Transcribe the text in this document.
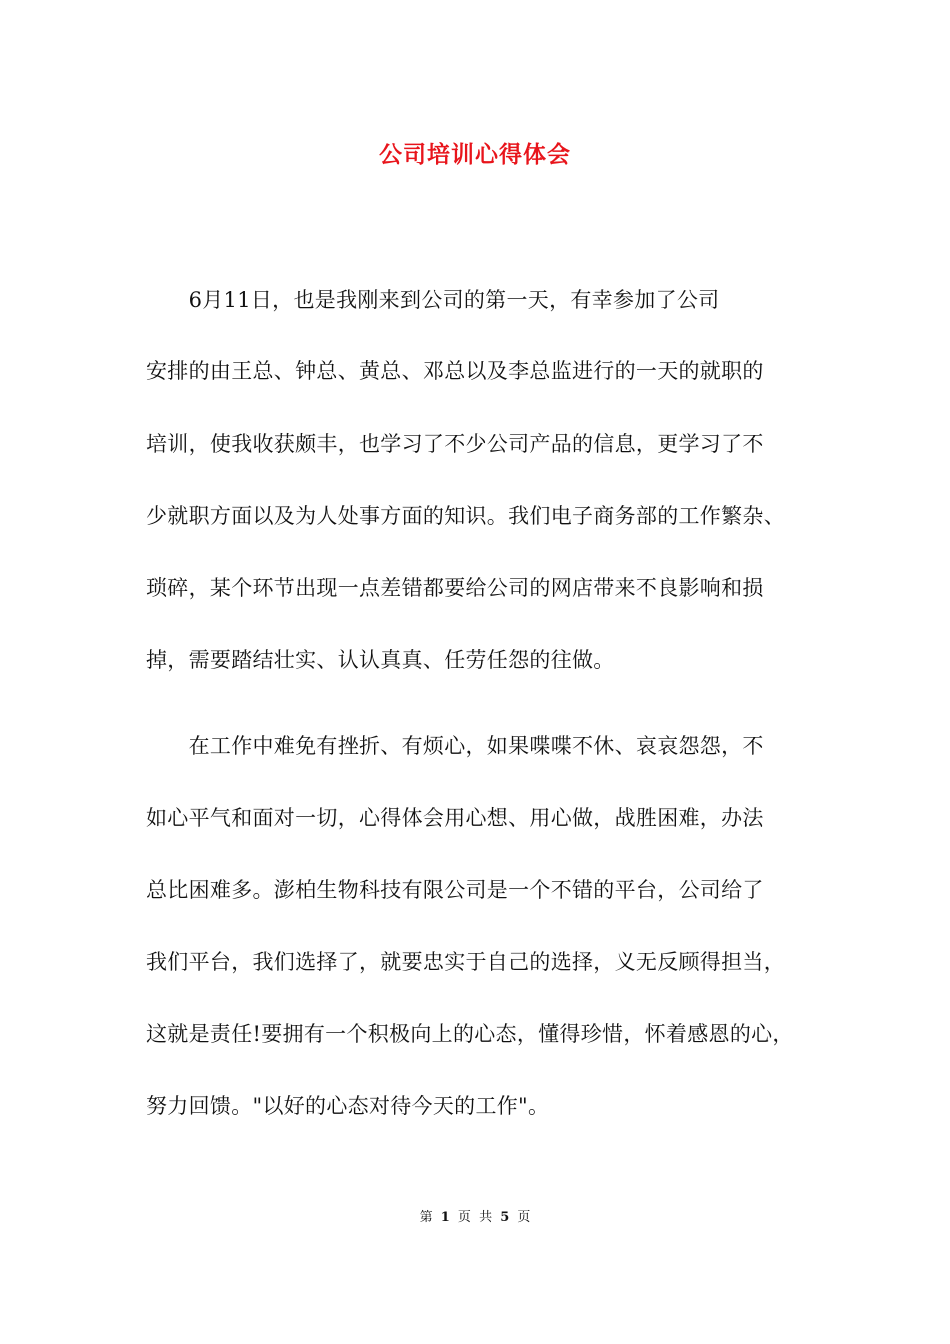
公司培训心得体会
　　6月11日，也是我刚来到公司的第一天，有幸参加了公司
安排的由王总、钟总、黄总、邓总以及李总监进行的一天的就职的
培训，使我收获颇丰，也学习了不少公司产品的信息，更学习了不
少就职方面以及为人处事方面的知识。我们电子商务部的工作繁杂、
琐碎，某个环节出现一点差错都要给公司的网店带来不良影响和损
掉，需要踏结壮实、认认真真、任劳任怨的往做。
　　在工作中难免有挫折、有烦心，如果喋喋不休、哀哀怨怨，不
如心平气和面对一切，心得体会用心想、用心做，战胜困难，办法
总比困难多。澎柏生物科技有限公司是一个不错的平台，公司给了
我们平台，我们选择了，就要忠实于自己的选择，义无反顾得担当，
这就是责任!要拥有一个积极向上的心态，懂得珍惜，怀着感恩的心，
努力回馈。"以好的心态对待今天的工作"。
第 1 页 共 5 页
